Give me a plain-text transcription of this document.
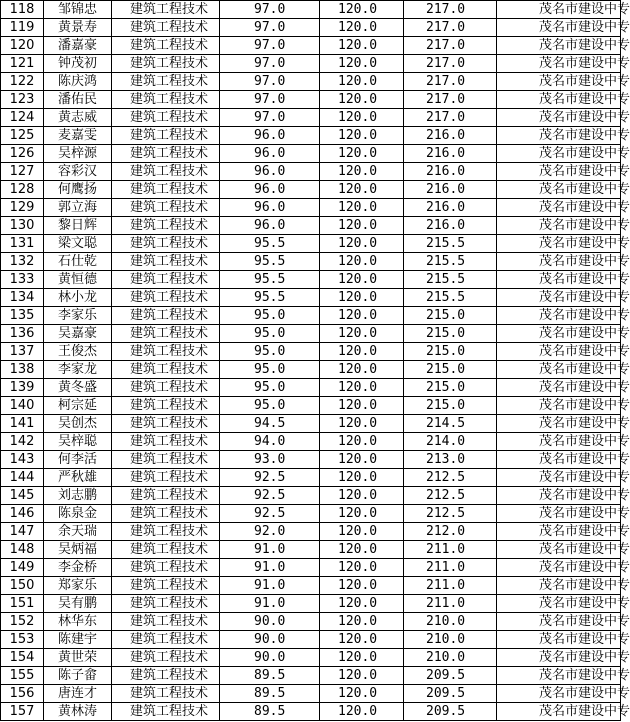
118	邹锦忠	建筑工程技术	97.0	120.0	217.0	茂名市建设中专
119	黄景寿	建筑工程技术	97.0	120.0	217.0	茂名市建设中专
120	潘嘉豪	建筑工程技术	97.0	120.0	217.0	茂名市建设中专
121	钟茂初	建筑工程技术	97.0	120.0	217.0	茂名市建设中专
122	陈庆鸿	建筑工程技术	97.0	120.0	217.0	茂名市建设中专
123	潘佑民	建筑工程技术	97.0	120.0	217.0	茂名市建设中专
124	黄志威	建筑工程技术	97.0	120.0	217.0	茂名市建设中专
125	麦嘉雯	建筑工程技术	96.0	120.0	216.0	茂名市建设中专
126	吴梓源	建筑工程技术	96.0	120.0	216.0	茂名市建设中专
127	容彩汉	建筑工程技术	96.0	120.0	216.0	茂名市建设中专
128	何鹰扬	建筑工程技术	96.0	120.0	216.0	茂名市建设中专
129	郭立海	建筑工程技术	96.0	120.0	216.0	茂名市建设中专
130	黎日辉	建筑工程技术	96.0	120.0	216.0	茂名市建设中专
131	梁文聪	建筑工程技术	95.5	120.0	215.5	茂名市建设中专
132	石仕乾	建筑工程技术	95.5	120.0	215.5	茂名市建设中专
133	黄恒德	建筑工程技术	95.5	120.0	215.5	茂名市建设中专
134	林小龙	建筑工程技术	95.5	120.0	215.5	茂名市建设中专
135	李家乐	建筑工程技术	95.0	120.0	215.0	茂名市建设中专
136	吴嘉豪	建筑工程技术	95.0	120.0	215.0	茂名市建设中专
137	王俊杰	建筑工程技术	95.0	120.0	215.0	茂名市建设中专
138	李家龙	建筑工程技术	95.0	120.0	215.0	茂名市建设中专
139	黄冬盛	建筑工程技术	95.0	120.0	215.0	茂名市建设中专
140	柯宗延	建筑工程技术	95.0	120.0	215.0	茂名市建设中专
141	吴创杰	建筑工程技术	94.5	120.0	214.5	茂名市建设中专
142	吴梓聪	建筑工程技术	94.0	120.0	214.0	茂名市建设中专
143	何李活	建筑工程技术	93.0	120.0	213.0	茂名市建设中专
144	严秋雄	建筑工程技术	92.5	120.0	212.5	茂名市建设中专
145	刘志鹏	建筑工程技术	92.5	120.0	212.5	茂名市建设中专
146	陈泉金	建筑工程技术	92.5	120.0	212.5	茂名市建设中专
147	余天瑞	建筑工程技术	92.0	120.0	212.0	茂名市建设中专
148	吴炳福	建筑工程技术	91.0	120.0	211.0	茂名市建设中专
149	李金桥	建筑工程技术	91.0	120.0	211.0	茂名市建设中专
150	郑家乐	建筑工程技术	91.0	120.0	211.0	茂名市建设中专
151	吴有鹏	建筑工程技术	91.0	120.0	211.0	茂名市建设中专
152	林华东	建筑工程技术	90.0	120.0	210.0	茂名市建设中专
153	陈建宇	建筑工程技术	90.0	120.0	210.0	茂名市建设中专
154	黄世荣	建筑工程技术	90.0	120.0	210.0	茂名市建设中专
155	陈子畲	建筑工程技术	89.5	120.0	209.5	茂名市建设中专
156	唐连才	建筑工程技术	89.5	120.0	209.5	茂名市建设中专
157	黄林涛	建筑工程技术	89.5	120.0	209.5	茂名市建设中专
